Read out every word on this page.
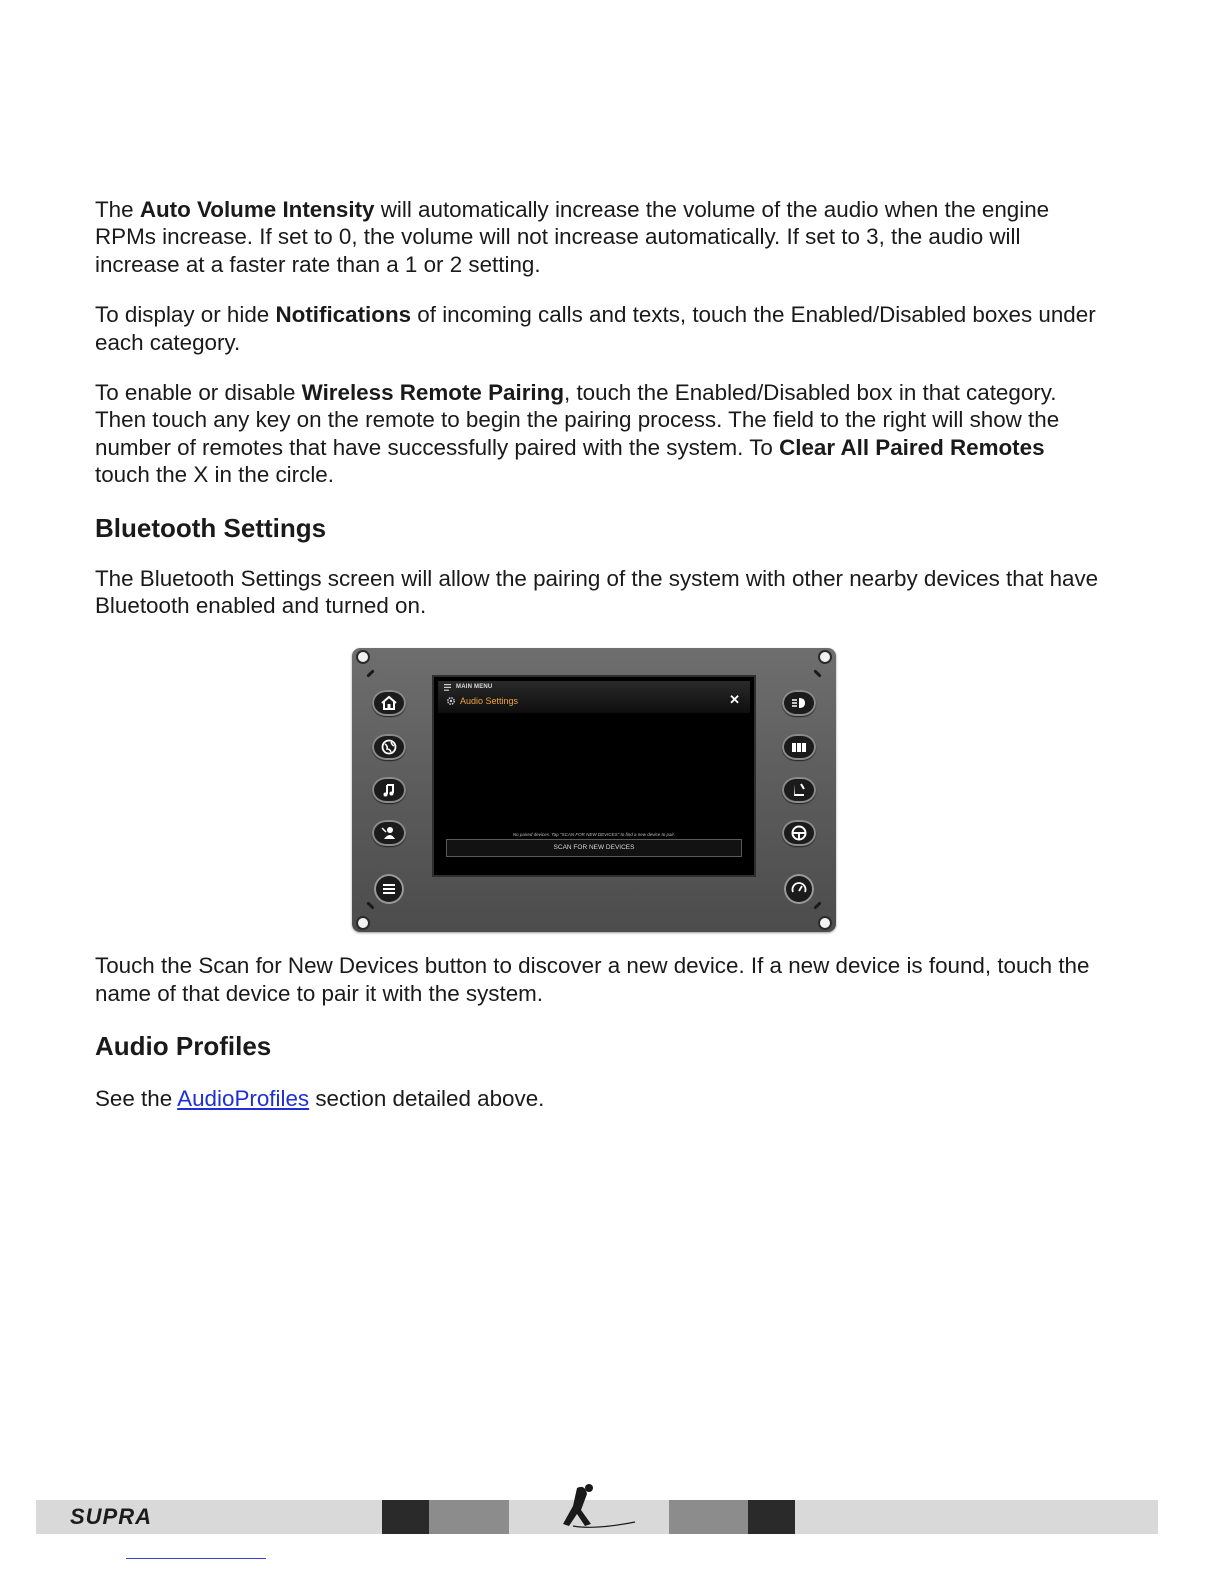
The Auto Volume Intensity will automatically increase the volume of the audio when the engine RPMs increase. If set to 0, the volume will not increase automatically. If set to 3, the audio will increase at a faster rate than a 1 or 2 setting.

To display or hide Notifications of incoming calls and texts, touch the Enabled/Disabled boxes under each category.

To enable or disable Wireless Remote Pairing, touch the Enabled/Disabled box in that category. Then touch any key on the remote to begin the pairing process. The field to the right will show the number of remotes that have successfully paired with the system. To Clear All Paired Remotes touch the X in the circle.

Bluetooth Settings

The Bluetooth Settings screen will allow the pairing of the system with other nearby devices that have Bluetooth enabled and turned on.

Touch the Scan for New Devices button to discover a new device. If a new device is found, touch the name of that device to pair it with the system.

Audio Profiles

See the AudioProfiles section detailed above.

MAIN MENU
Audio Settings	✕
No paired devices. Tap "SCAN FOR NEW DEVICES" to find a new device to pair.
SCAN FOR NEW DEVICES
SUPRA
